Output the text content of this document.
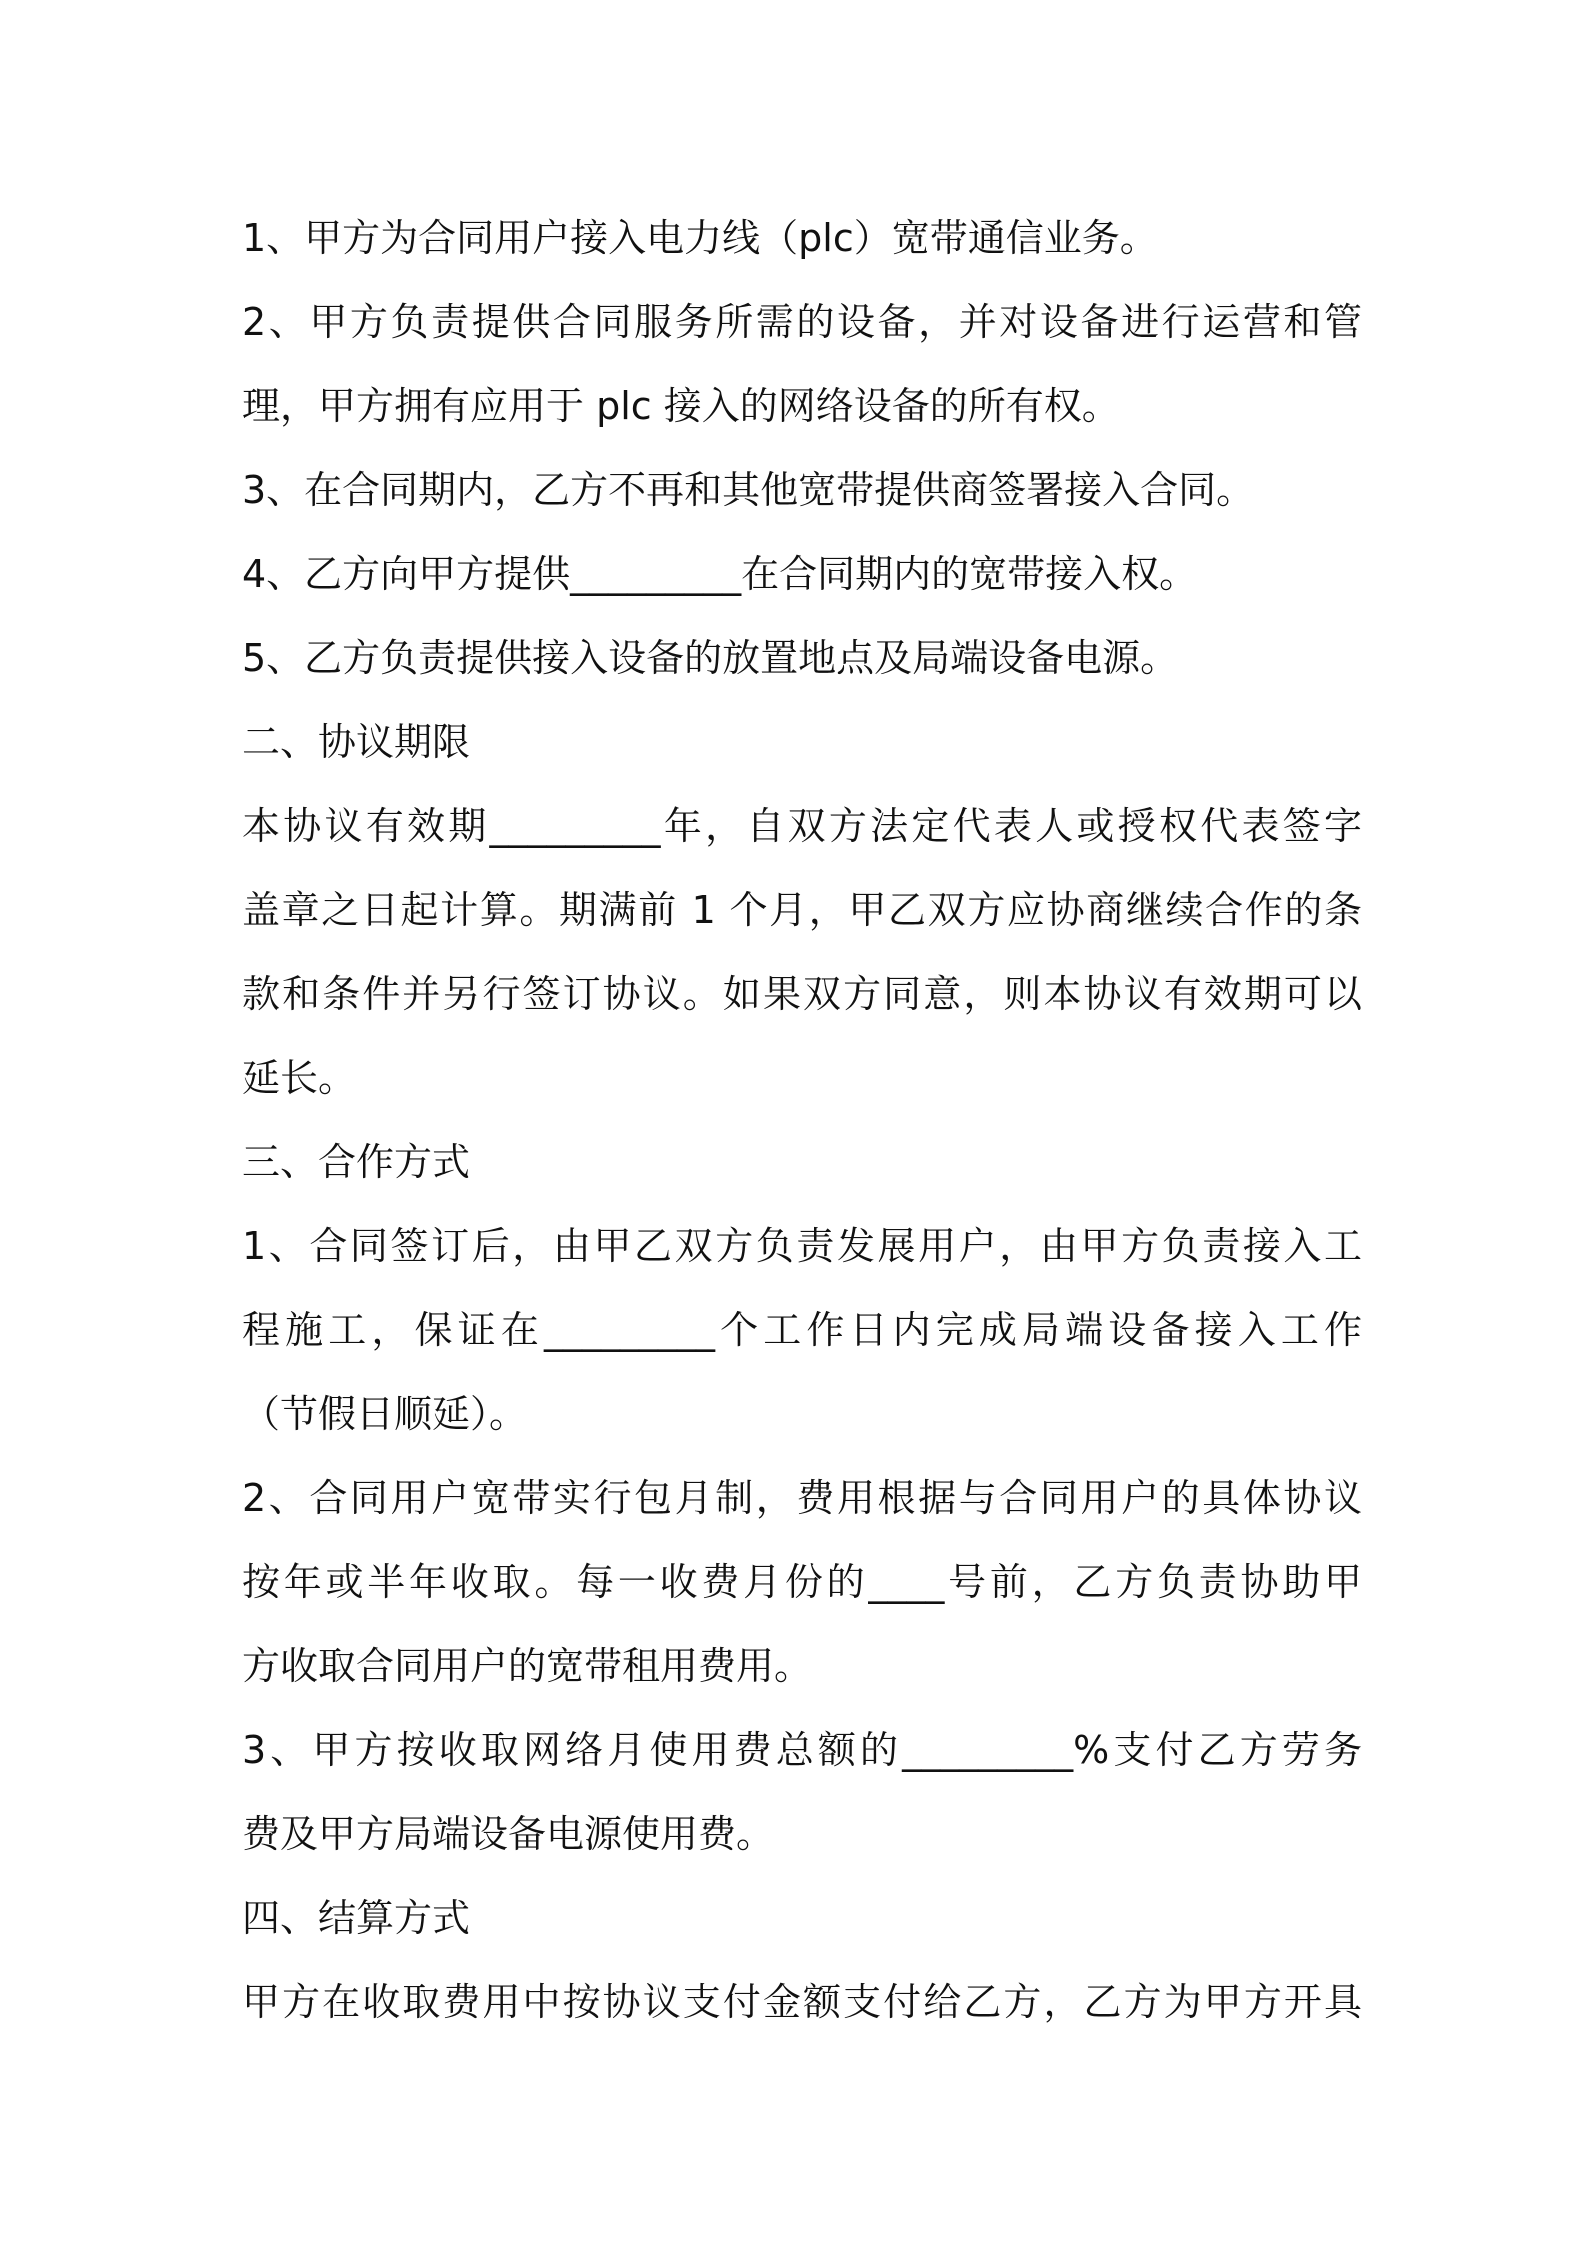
1、甲方为合同用户接入电力线（plc）宽带通信业务。
2、甲方负责提供合同服务所需的设备，并对设备进行运营和管
理，甲方拥有应用于 plc 接入的网络设备的所有权。
3、在合同期内，乙方不再和其他宽带提供商签署接入合同。
4、乙方向甲方提供_________在合同期内的宽带接入权。
5、乙方负责提供接入设备的放置地点及局端设备电源。
二、协议期限
本协议有效期_________年，自双方法定代表人或授权代表签字
盖章之日起计算。期满前 1 个月，甲乙双方应协商继续合作的条
款和条件并另行签订协议。如果双方同意，则本协议有效期可以
延长。
三、合作方式
1、合同签订后，由甲乙双方负责发展用户，由甲方负责接入工
程施工，保证在_________个工作日内完成局端设备接入工作
（节假日顺延）。
2、合同用户宽带实行包月制，费用根据与合同用户的具体协议
按年或半年收取。每一收费月份的____号前，乙方负责协助甲
方收取合同用户的宽带租用费用。
3、甲方按收取网络月使用费总额的_________%支付乙方劳务
费及甲方局端设备电源使用费。
四、结算方式
甲方在收取费用中按协议支付金额支付给乙方，乙方为甲方开具
